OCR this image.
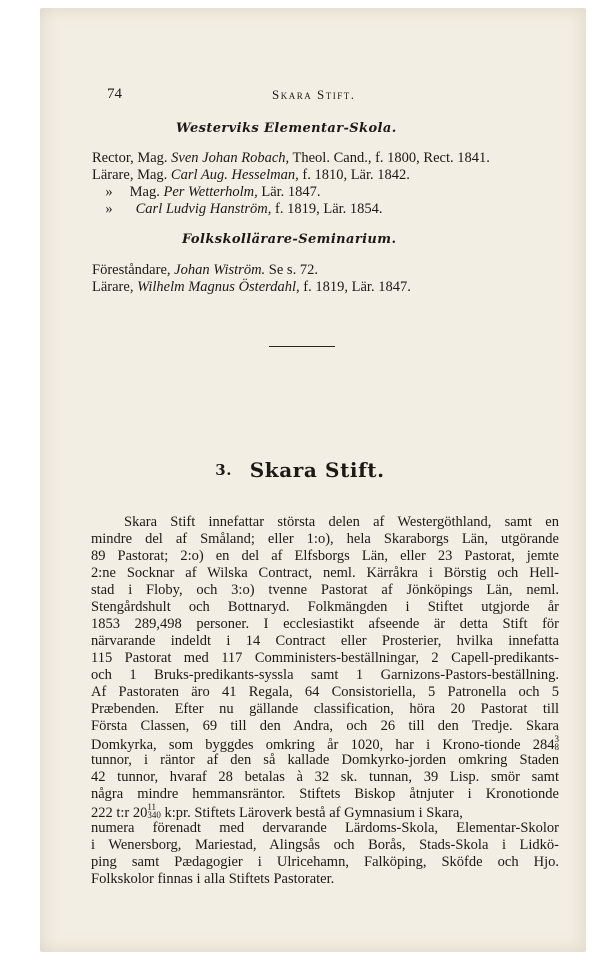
74	Skara Stift.
Westerviks Elementar-Skola.
Rector, Mag. Sven Johan Robach, Theol. Cand., f. 1800, Rect. 1841.
Lärare, Mag. Carl Aug. Hesselman, f. 1810, Lär. 1842.
» Mag. Per Wetterholm, Lär. 1847.
» Carl Ludvig Hanström, f. 1819, Lär. 1854.
Folkskollärare-Seminarium.
Föreståndare, Johan Wiström. Se s. 72.
Lärare, Wilhelm Magnus Österdahl, f. 1819, Lär. 1847.
3. Skara Stift.
Skara Stift innefattar största delen af Westergöthland, samt en
mindre del af Småland; eller 1:o), hela Skaraborgs Län, utgörande
89 Pastorat; 2:o) en del af Elfsborgs Län, eller 23 Pastorat, jemte
2:ne Socknar af Wilska Contract, neml. Kärråkra i Börstig och Hell-
stad i Floby, och 3:o) tvenne Pastorat af Jönköpings Län, neml.
Stengårdshult och Bottnaryd. Folkmängden i Stiftet utgjorde år
1853 289,498 personer. I ecclesiastikt afseende är detta Stift för
närvarande indeldt i 14 Contract eller Prosterier, hvilka innefatta
115 Pastorat med 117 Comministers-beställningar, 2 Capell-predikants-
och 1 Bruks-predikants-syssla samt 1 Garnizons-Pastors-beställning.
Af Pastoraten äro 41 Regala, 64 Consistoriella, 5 Patronella och 5
Præbenden. Efter nu gällande classification, höra 20 Pastorat till
Första Classen, 69 till den Andra, och 26 till den Tredje. Skara
Domkyrka, som byggdes omkring år 1020, har i Krono-tionde 284 3
8
tunnor, i räntor af den så kallade Domkyrko-jorden omkring Staden
42 tunnor, hvaraf 28 betalas à 32 sk. tunnan, 39 Lisp. smör samt
några mindre hemmansräntor. Stiftets Biskop åtnjuter i Kronotionde
222 t:r 20 11
340 k:pr. Stiftets Läroverk bestå af Gymnasium i Skara,
numera förenadt med dervarande Lärdoms-Skola, Elementar-Skolor
i Wenersborg, Mariestad, Alingsås och Borås, Stads-Skola i Lidkö-
ping samt Pædagogier i Ulricehamn, Falköping, Sköfde och Hjo.
Folkskolor finnas i alla Stiftets Pastorater.
